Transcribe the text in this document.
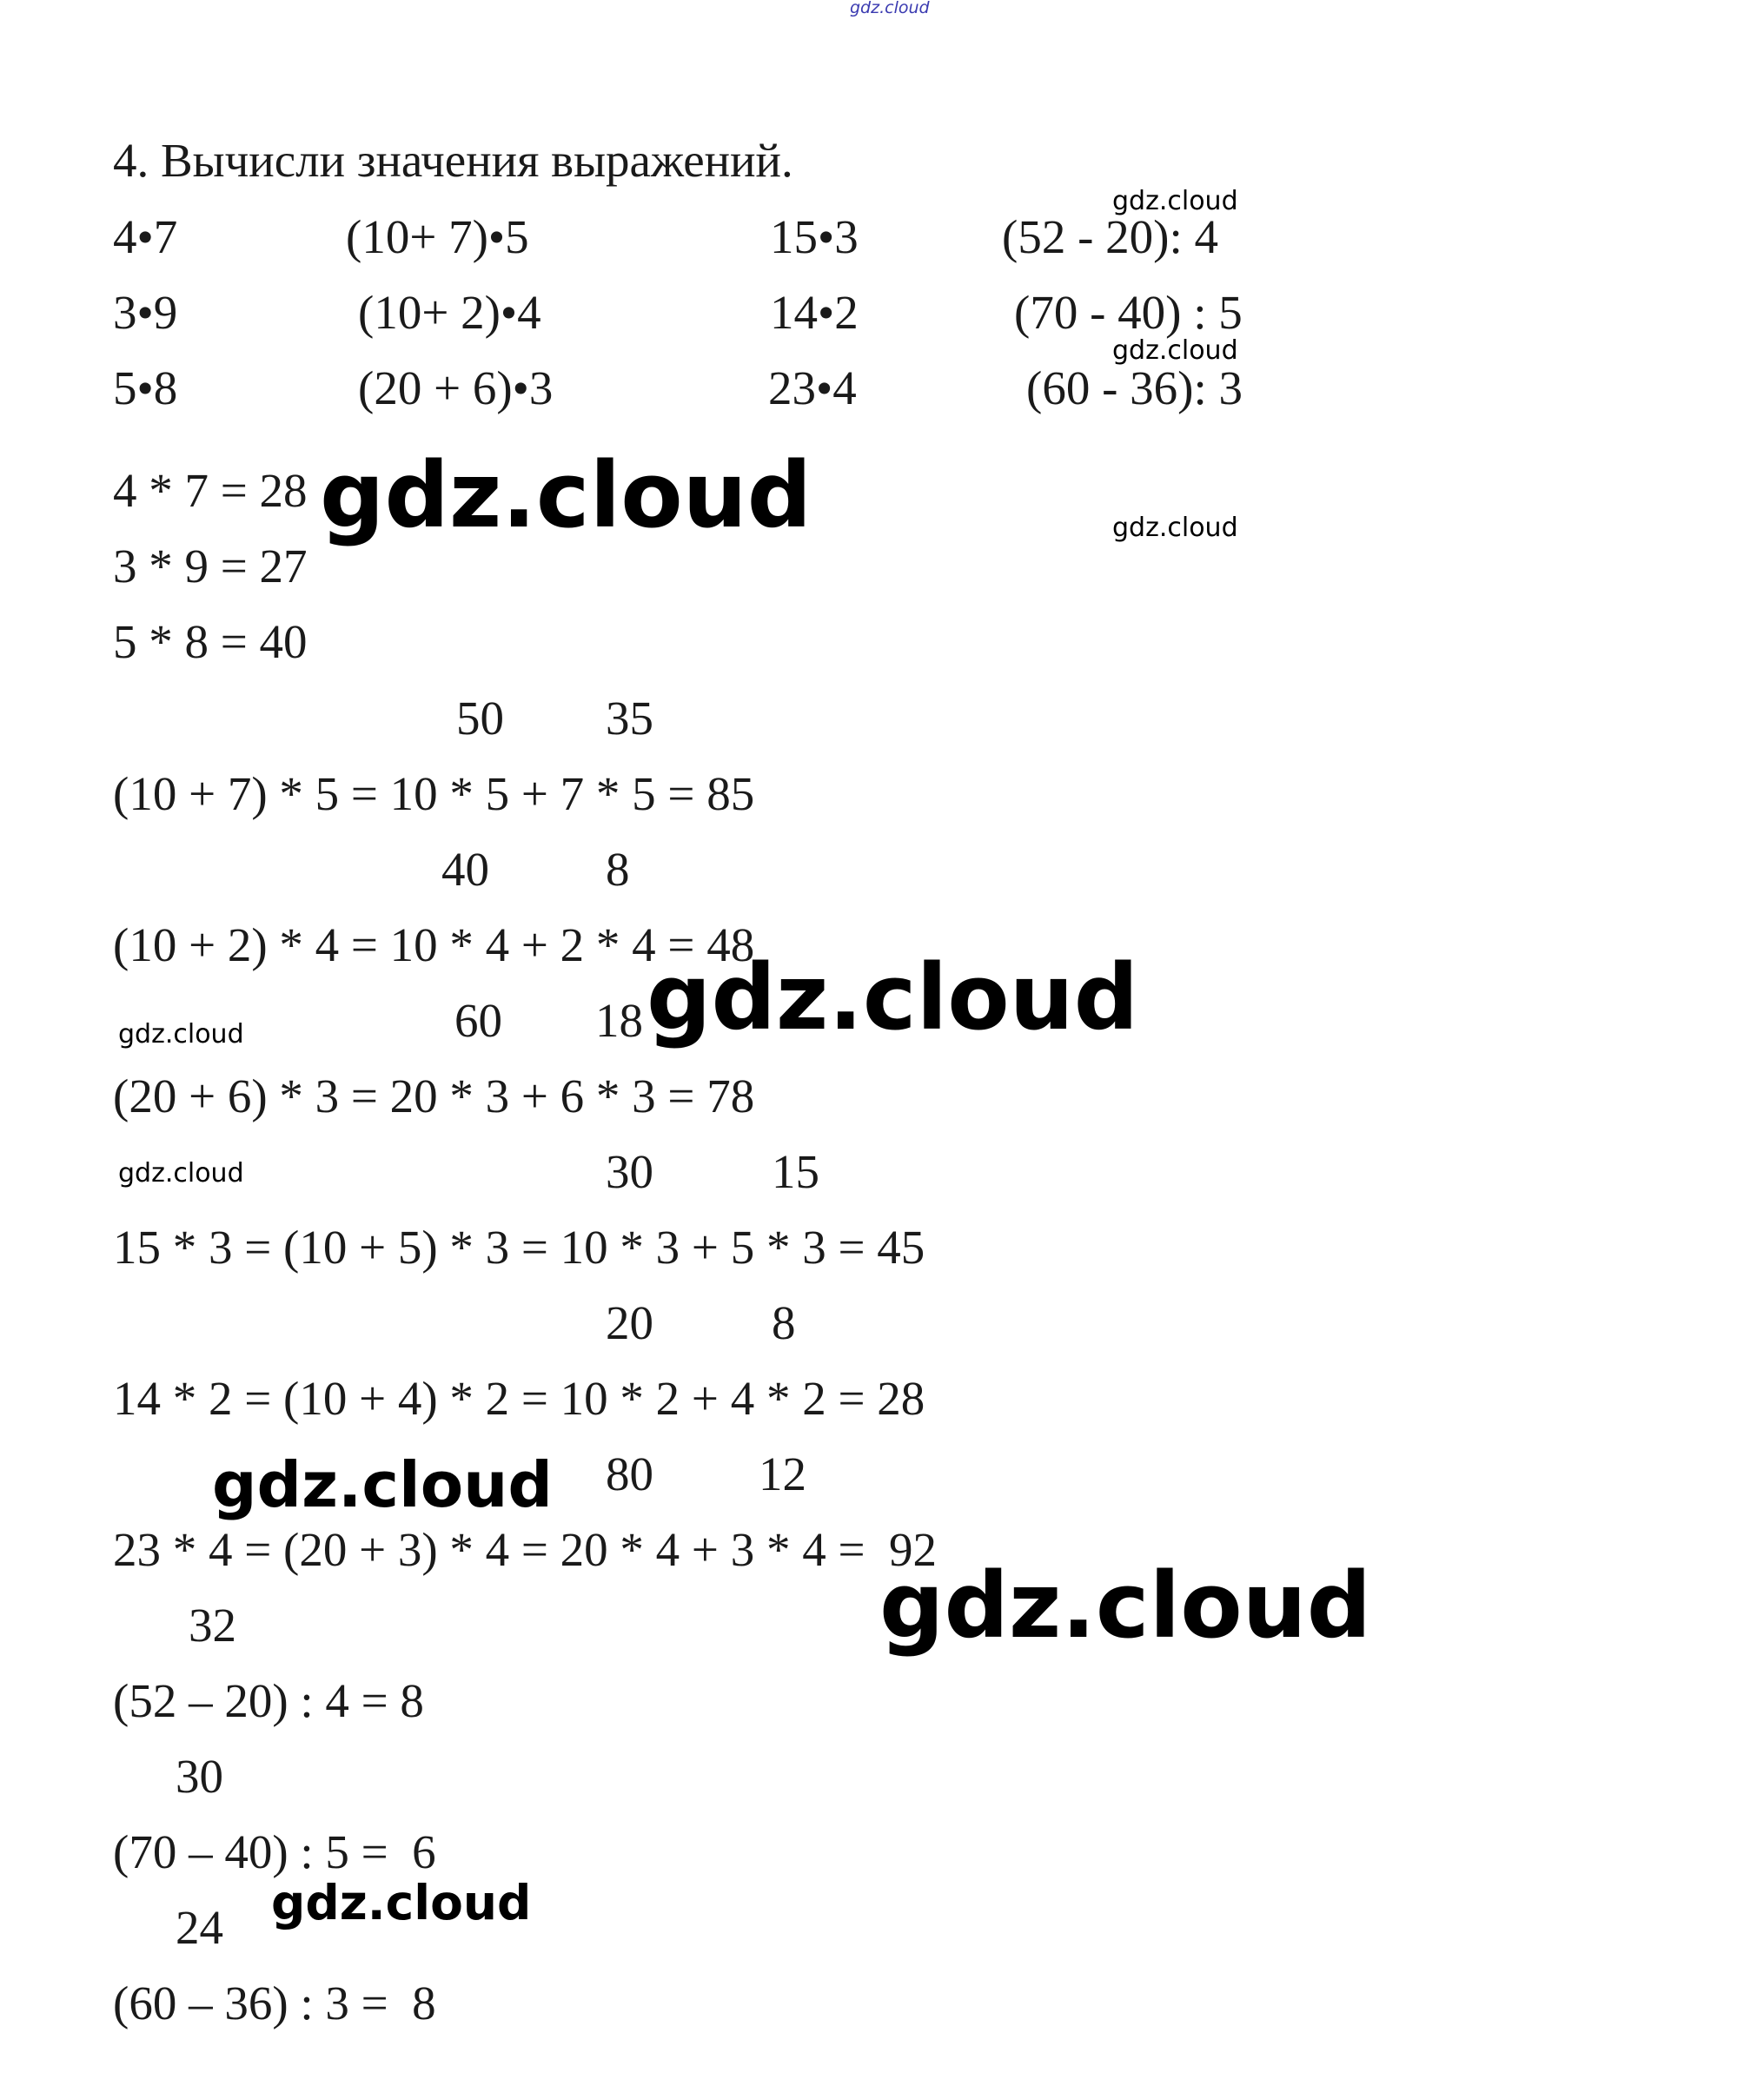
gdz.cloud
4. Вычисли значения выражений.
4•7	(10+ 7)•5	15•3	(52 - 20): 4
3•9	(10+ 2)•4	14•2	(70 - 40) : 5
5•8	(20 + 6)•3	23•4	(60 - 36): 3
gdz.cloud
gdz.cloud
gdz.cloud
4 * 7 = 28
3 * 9 = 27
5 * 8 = 40
gdz.cloud
50 35
(10 + 7) * 5 = 10 * 5 + 7 * 5 = 85
40 8
(10 + 2) * 4 = 10 * 4 + 2 * 4 = 48
gdz.cloud	60 18 gdz.cloud
(20 + 6) * 3 = 20 * 3 + 6 * 3 = 78
gdz.cloud	30 15
15 * 3 = (10 + 5) * 3 = 10 * 3 + 5 * 3 = 45
20 8
14 * 2 = (10 + 4) * 2 = 10 * 2 + 4 * 2 = 28
gdz.cloud 80 12
23 * 4 = (20 + 3) * 4 = 20 * 4 + 3 * 4 =  92
gdz.cloud
32
(52 – 20) : 4 = 8
30
(70 – 40) : 5 =  6
gdz.cloud
24
(60 – 36) : 3 =  8
